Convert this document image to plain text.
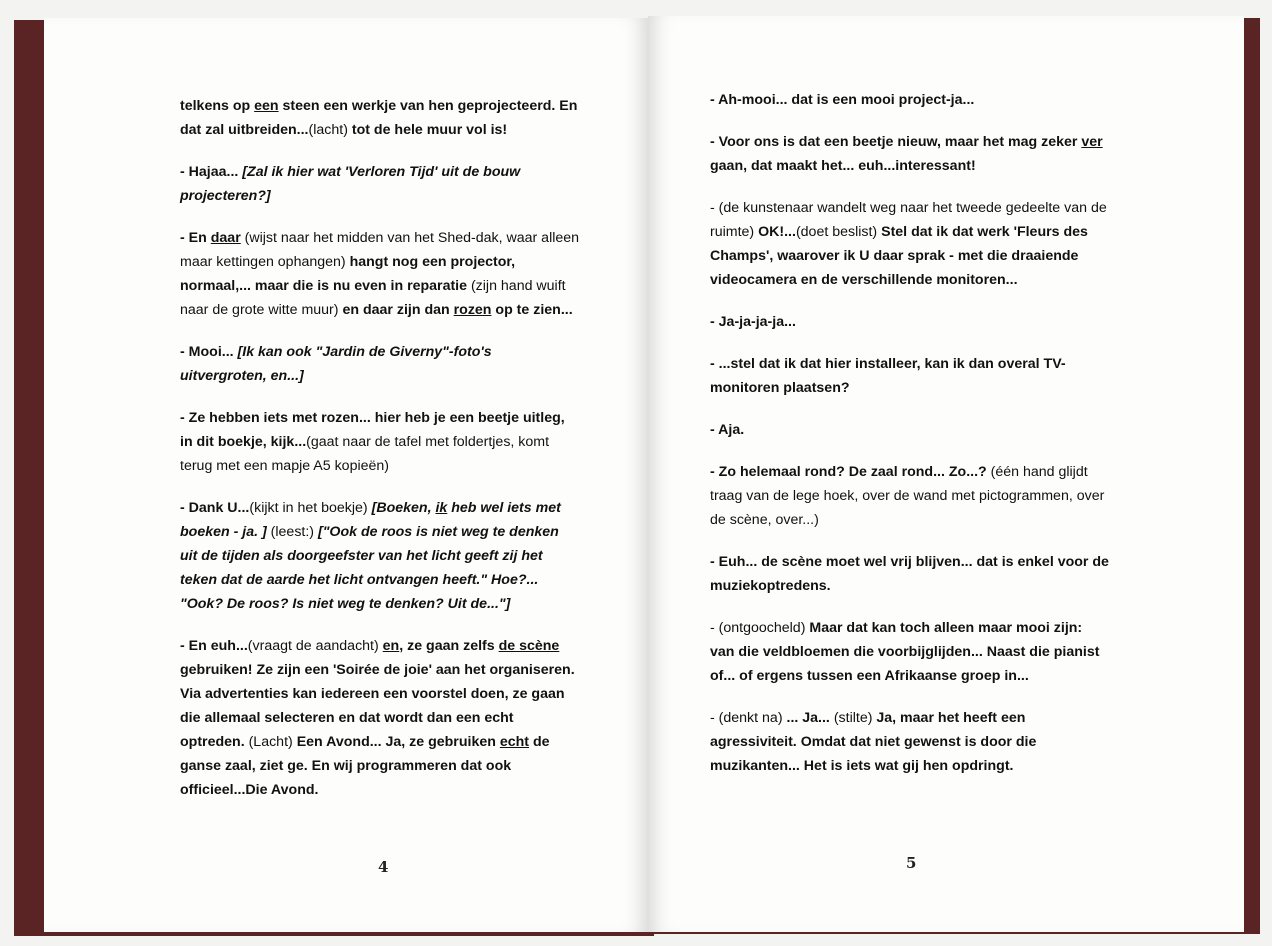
telkens op een steen een werkje van hen geprojecteerd. En dat zal uitbreiden...(lacht) tot de hele muur vol is!

- Hajaa... [Zal ik hier wat 'Verloren Tijd' uit de bouw projecteren?]

- En daar (wijst naar het midden van het Shed-dak, waar alleen maar kettingen ophangen) hangt nog een projector, normaal,... maar die is nu even in reparatie (zijn hand wuift naar de grote witte muur) en daar zijn dan rozen op te zien...

- Mooi... [Ik kan ook "Jardin de Giverny"-foto's uitvergroten, en...]

- Ze hebben iets met rozen... hier heb je een beetje uitleg, in dit boekje, kijk...(gaat naar de tafel met foldertjes, komt terug met een mapje A5 kopieën)

- Dank U...(kijkt in het boekje) [Boeken, ik heb wel iets met boeken - ja. ] (leest:) ["Ook de roos is niet weg te denken uit de tijden als doorgeefster van het licht geeft zij het teken dat de aarde het licht ontvangen heeft." Hoe?... "Ook? De roos? Is niet weg te denken? Uit de..."]

- En euh...(vraagt de aandacht) en, ze gaan zelfs de scène gebruiken! Ze zijn een 'Soirée de joie' aan het organiseren. Via advertenties kan iedereen een voorstel doen, ze gaan die allemaal selecteren en dat wordt dan een echt optreden. (Lacht) Een Avond... Ja, ze gebruiken echt de ganse zaal, ziet ge. En wij programmeren dat ook officieel...Die Avond.

4

- Ah-mooi... dat is een mooi project-ja...

- Voor ons is dat een beetje nieuw, maar het mag zeker ver gaan, dat maakt het... euh...interessant!

- (de kunstenaar wandelt weg naar het tweede gedeelte van de ruimte) OK!...(doet beslist) Stel dat ik dat werk 'Fleurs des Champs', waarover ik U daar sprak - met die draaiende videocamera en de verschillende monitoren...

- Ja-ja-ja-ja...

- ...stel dat ik dat hier installeer, kan ik dan overal TV-monitoren plaatsen?

- Aja.

- Zo helemaal rond? De zaal rond... Zo...? (één hand glijdt traag van de lege hoek, over de wand met pictogrammen, over de scène, over...)

- Euh... de scène moet wel vrij blijven... dat is enkel voor de muziekoptredens.

- (ontgoocheld) Maar dat kan toch alleen maar mooi zijn: van die veldbloemen die voorbijglijden... Naast die pianist of... of ergens tussen een Afrikaanse groep in...

- (denkt na) ... Ja... (stilte) Ja, maar het heeft een agressiviteit. Omdat dat niet gewenst is door die muzikanten... Het is iets wat gij hen opdringt.

5
